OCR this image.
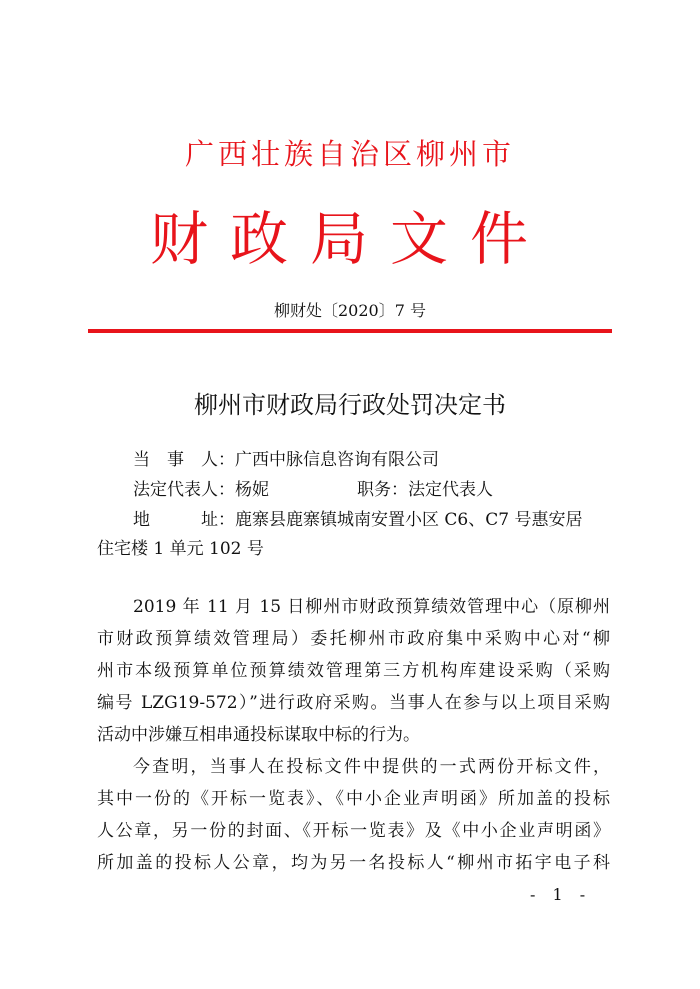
广西壮族自治区柳州市
财政局文件
柳财处〔2020〕7 号
柳州市财政局行政处罚决定书
当　事　人：广西中脉信息咨询有限公司
法定代表人：杨妮	职务：法定代表人
地　　　址：鹿寨县鹿寨镇城南安置小区 C6、C7 号惠安居
住宅楼 1 单元 102 号
2019 年 11 月 15 日柳州市财政预算绩效管理中心（原柳州
市财政预算绩效管理局）委托柳州市政府集中采购中心对“柳
州市本级预算单位预算绩效管理第三方机构库建设采购（采购
编号 LZG19-572）”进行政府采购。当事人在参与以上项目采购
活动中涉嫌互相串通投标谋取中标的行为。
今查明，当事人在投标文件中提供的一式两份开标文件，
其中一份的《开标一览表》、《中小企业声明函》所加盖的投标
人公章，另一份的封面、《开标一览表》及《中小企业声明函》
所加盖的投标人公章，均为另一名投标人“柳州市拓宇电子科
- 1 -
